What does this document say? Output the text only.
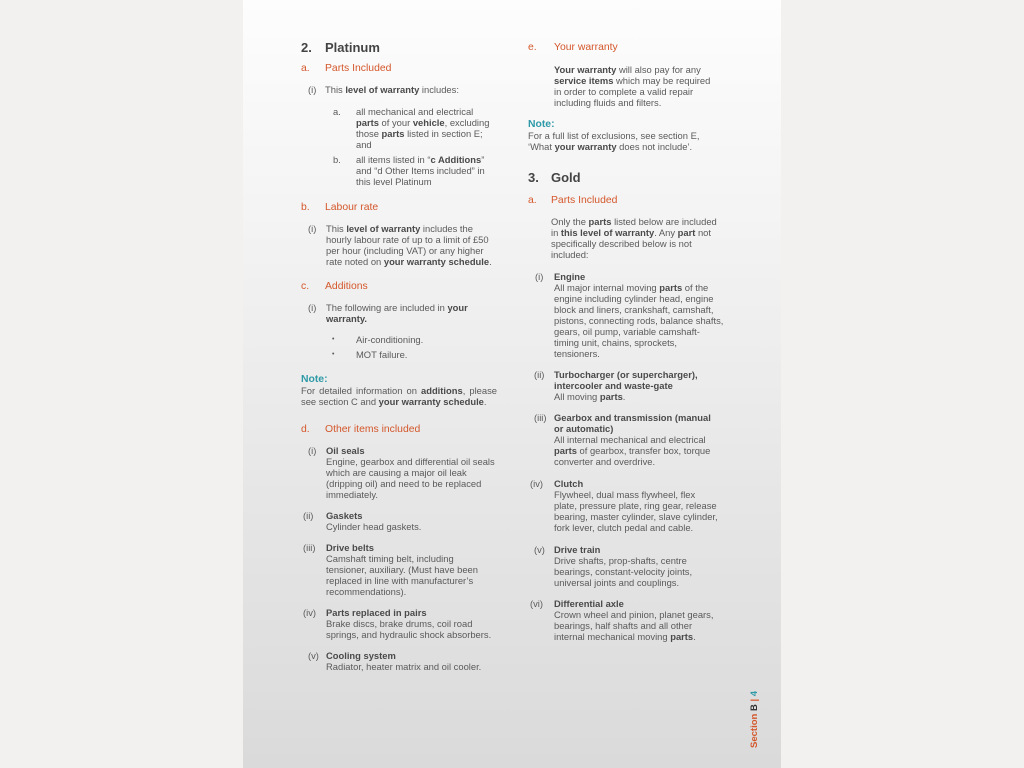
2.	Platinum
a.	Parts Included
(i) This level of warranty includes:
a.	all mechanical and electrical parts of your vehicle, excluding those parts listed in section E; and
b.	all items listed in “c Additions” and “d Other Items included” in this level Platinum
b.	Labour rate
(i)	This level of warranty includes the hourly labour rate of up to a limit of £50 per hour (including VAT) or any higher rate noted on your warranty schedule.
c.	Additions
(i)	The following are included in your warranty.
•	Air-conditioning.
•	MOT failure.
Note:
For detailed information on additions, please see section C and your warranty schedule.
d.	Other items included
(i)	Oil seals
Engine, gearbox and differential oil seals which are causing a major oil leak (dripping oil) and need to be replaced immediately.
(ii)	Gaskets
Cylinder head gaskets.
(iii)	Drive belts
Camshaft timing belt, including tensioner, auxiliary. (Must have been replaced in line with manufacturer’s recommendations).
(iv)	Parts replaced in pairs
Brake discs, brake drums, coil road springs, and hydraulic shock absorbers.
(v) Cooling system
Radiator, heater matrix and oil cooler.
e.	Your warranty
Your warranty will also pay for any service items which may be required in order to complete a valid repair including fluids and filters.
Note:
For a full list of exclusions, see section E, ‘What your warranty does not include’.
3. Gold
a.	Parts Included
Only the parts listed below are included in this level of warranty. Any part not specifically described below is not included:
(i)	Engine
All major internal moving parts of the engine including cylinder head, engine block and liners, crankshaft, camshaft, pistons, connecting rods, balance shafts, gears, oil pump, variable camshaft-timing unit, chains, sprockets, tensioners.
(ii)	Turbocharger (or supercharger), intercooler and waste-gate
All moving parts.
(iii) Gearbox and transmission (manual or automatic)
All internal mechanical and electrical parts of gearbox, transfer box, torque converter and overdrive.
(iv)	Clutch
Flywheel, dual mass flywheel, flex plate, pressure plate, ring gear, release bearing, master cylinder, slave cylinder, fork lever, clutch pedal and cable.
(v) Drive train
Drive shafts, prop-shafts, centre bearings, constant-velocity joints, universal joints and couplings.
(vi)	Differential axle
Crown wheel and pinion, planet gears, bearings, half shafts and all other internal mechanical moving parts.
Section B | 4
